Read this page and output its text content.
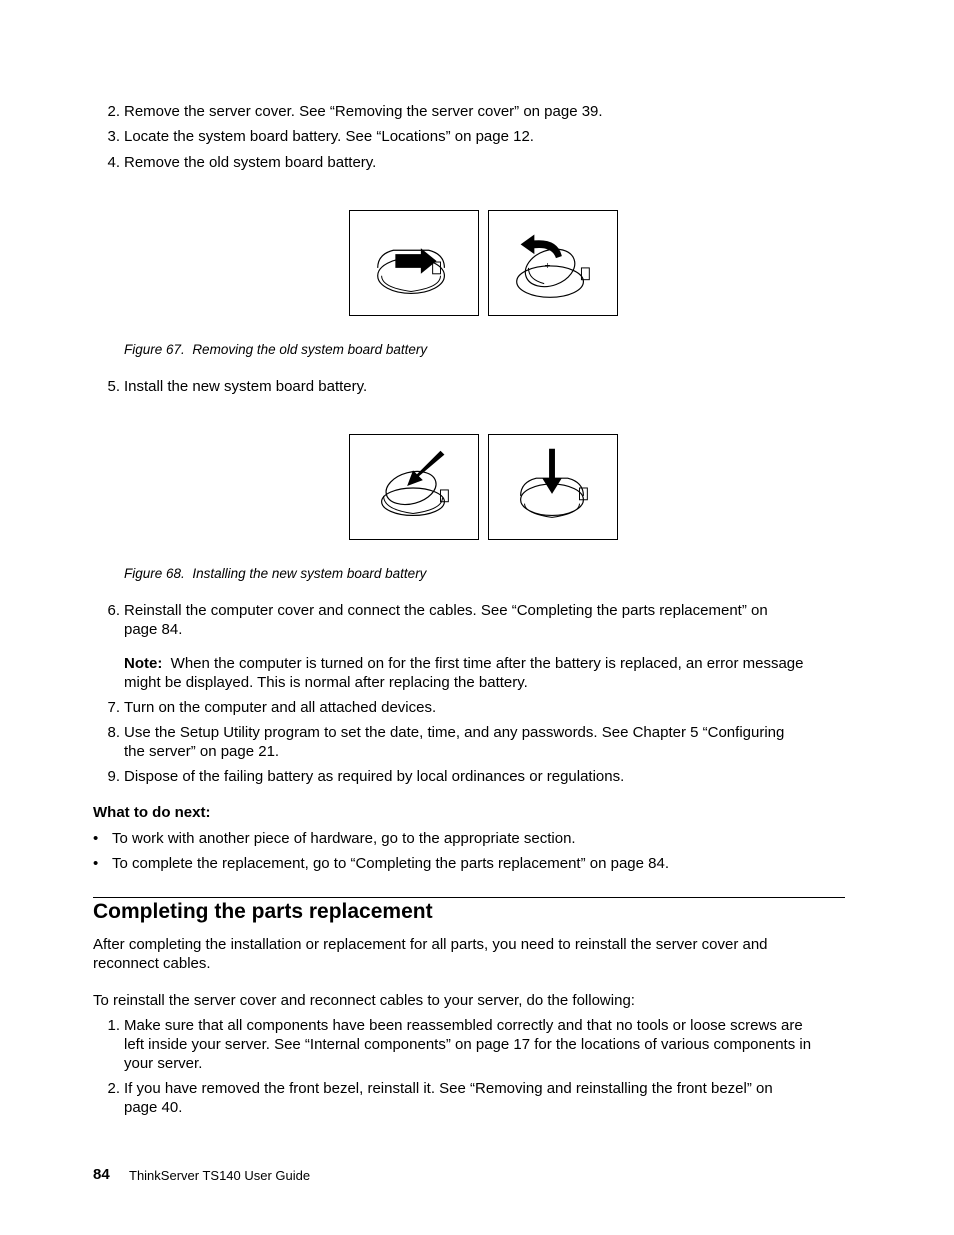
2. Remove the server cover. See “Removing the server cover” on page 39.
3. Locate the system board battery. See “Locations” on page 12.
4. Remove the old system board battery.
+
Figure 67. Removing the old system board battery
5. Install the new system board battery.
Figure 68. Installing the new system board battery
6. Reinstall the computer cover and connect the cables. See “Completing the parts replacement” on
page 84.
Note: When the computer is turned on for the first time after the battery is replaced, an error message
might be displayed. This is normal after replacing the battery.
7. Turn on the computer and all attached devices.
8. Use the Setup Utility program to set the date, time, and any passwords. See Chapter 5 “Configuring
the server” on page 21.
9. Dispose of the failing battery as required by local ordinances or regulations.
What to do next:
• To work with another piece of hardware, go to the appropriate section.
• To complete the replacement, go to “Completing the parts replacement” on page 84.
Completing the parts replacement
After completing the installation or replacement for all parts, you need to reinstall the server cover and
reconnect cables.
To reinstall the server cover and reconnect cables to your server, do the following:
1. Make sure that all components have been reassembled correctly and that no tools or loose screws are
left inside your server. See “Internal components” on page 17 for the locations of various components in
your server.
2. If you have removed the front bezel, reinstall it. See “Removing and reinstalling the front bezel” on
page 40.
84 ThinkServer TS140 User Guide
